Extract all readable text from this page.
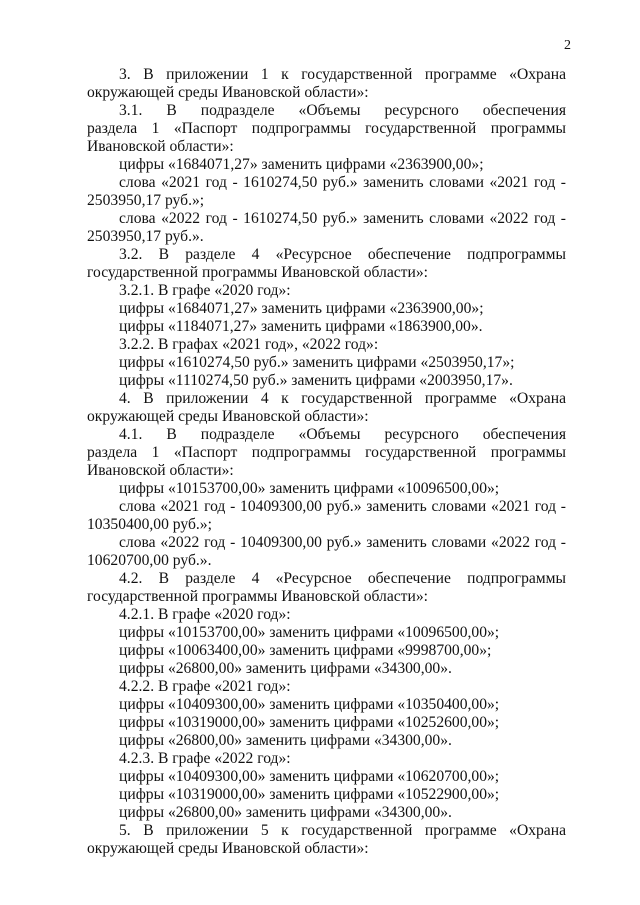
2
3. В приложении 1 к государственной программе «Охрана
окружающей среды Ивановской области»:
3.1. В подразделе «Объемы ресурсного обеспечения
раздела 1 «Паспорт подпрограммы государственной программы
Ивановской области»:
цифры «1684071,27» заменить цифрами «2363900,00»;
слова «2021 год - 1610274,50 руб.» заменить словами «2021 год -
2503950,17 руб.»;
слова «2022 год - 1610274,50 руб.» заменить словами «2022 год -
2503950,17 руб.».
3.2. В разделе 4 «Ресурсное обеспечение подпрограммы
государственной программы Ивановской области»:
3.2.1. В графе «2020 год»:
цифры «1684071,27» заменить цифрами «2363900,00»;
цифры «1184071,27» заменить цифрами «1863900,00».
3.2.2. В графах «2021 год», «2022 год»:
цифры «1610274,50 руб.» заменить цифрами «2503950,17»;
цифры «1110274,50 руб.» заменить цифрами «2003950,17».
4. В приложении 4 к государственной программе «Охрана
окружающей среды Ивановской области»:
4.1. В подразделе «Объемы ресурсного обеспечения
раздела 1 «Паспорт подпрограммы государственной программы
Ивановской области»:
цифры «10153700,00» заменить цифрами «10096500,00»;
слова «2021 год - 10409300,00 руб.» заменить словами «2021 год -
10350400,00 руб.»;
слова «2022 год - 10409300,00 руб.» заменить словами «2022 год -
10620700,00 руб.».
4.2. В разделе 4 «Ресурсное обеспечение подпрограммы
государственной программы Ивановской области»:
4.2.1. В графе «2020 год»:
цифры «10153700,00» заменить цифрами «10096500,00»;
цифры «10063400,00» заменить цифрами «9998700,00»;
цифры «26800,00» заменить цифрами «34300,00».
4.2.2. В графе «2021 год»:
цифры «10409300,00» заменить цифрами «10350400,00»;
цифры «10319000,00» заменить цифрами «10252600,00»;
цифры «26800,00» заменить цифрами «34300,00».
4.2.3. В графе «2022 год»:
цифры «10409300,00» заменить цифрами «10620700,00»;
цифры «10319000,00» заменить цифрами «10522900,00»;
цифры «26800,00» заменить цифрами «34300,00».
5. В приложении 5 к государственной программе «Охрана
окружающей среды Ивановской области»:
